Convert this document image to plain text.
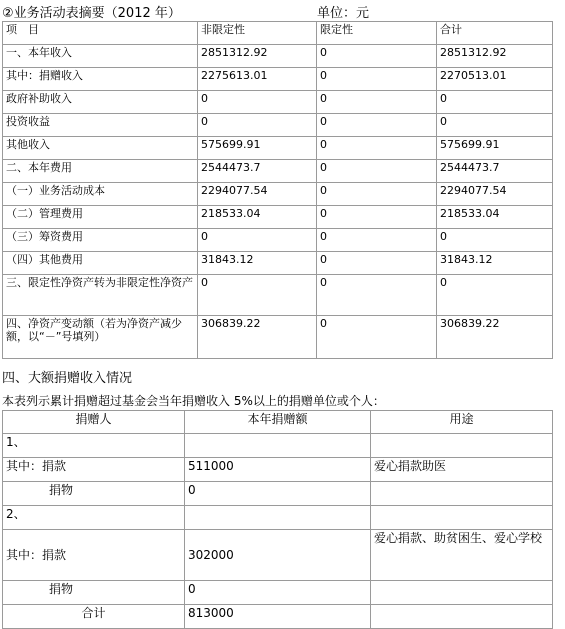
②业务活动表摘要（2012 年）	单位：元
项　目	非限定性	限定性	合计
一、本年收入	2851312.92	0	2851312.92
其中：捐赠收入	2275613.01	0	2270513.01
政府补助收入	0	0	0
投资收益	0	0	0
其他收入	575699.91	0	575699.91
二、本年费用	2544473.7	0	2544473.7
（一）业务活动成本	2294077.54	0	2294077.54
（二）管理费用	218533.04	0	218533.04
（三）筹资费用	0	0	0
（四）其他费用	31843.12	0	31843.12
三、限定性净资产转为非限定性净资产	0	0	0
四、净资产变动额（若为净资产减少额，以“－”号填列）	306839.22	0	306839.22
四、大额捐赠收入情况
本表列示累计捐赠超过基金会当年捐赠收入 5%以上的捐赠单位或个人：
捐赠人	本年捐赠额	用途
1、		
其中：捐款	511000	爱心捐款助医
捐物	0	
2、		
其中：捐款	302000	爱心捐款、助贫困生、爱心学校
捐物	0	
合计	813000	
